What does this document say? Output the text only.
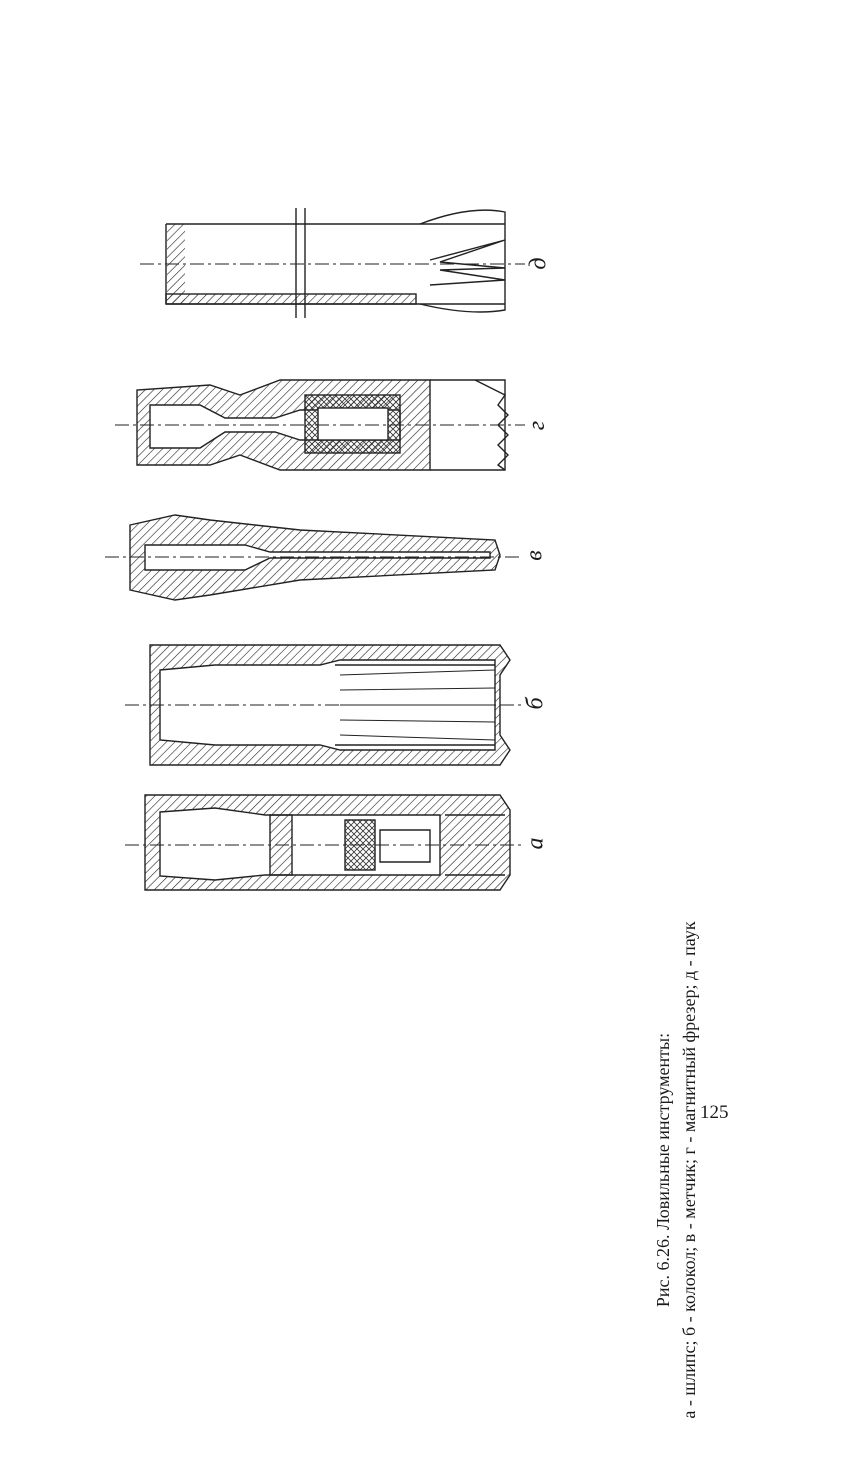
д
г
в
б
а
Рис. 6.26. Ловильные инструменты: а - шлипс; б - колокол; в - метчик; г - магнитный фрезер; д - паук 125
